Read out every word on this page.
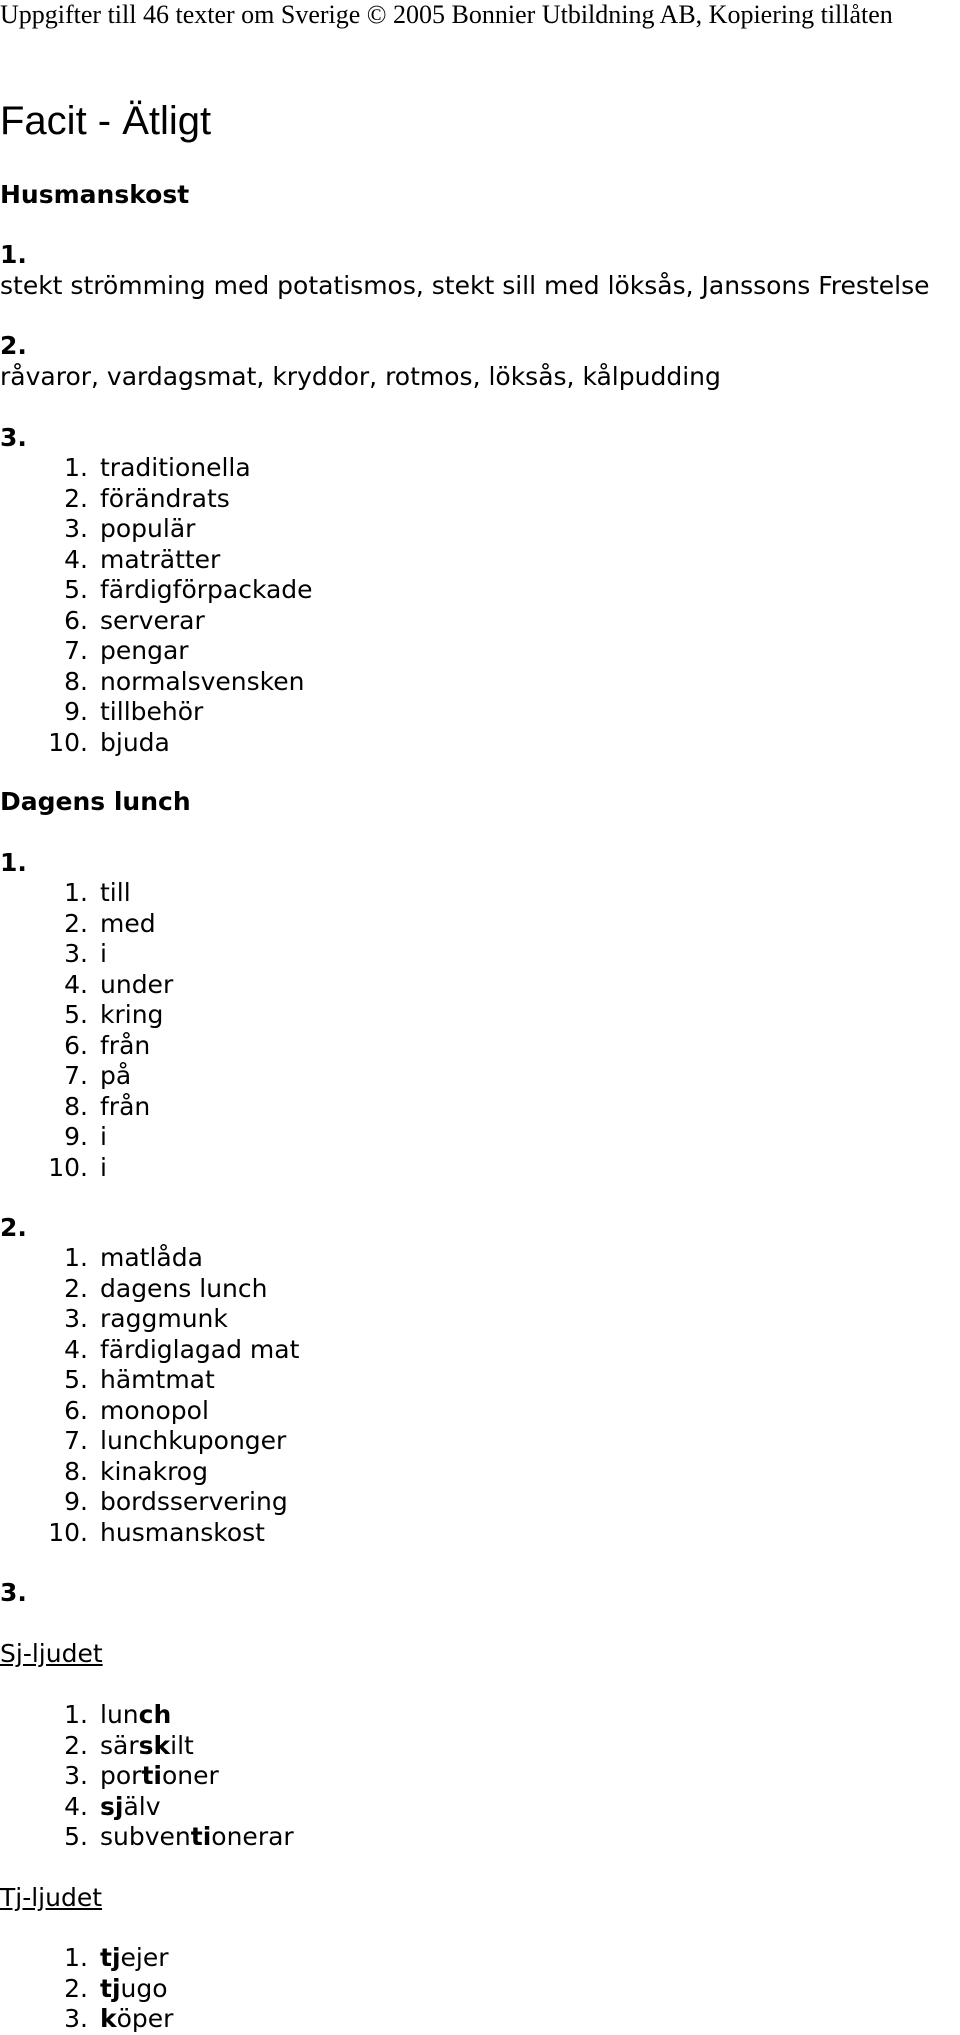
Uppgifter till 46 texter om Sverige © 2005 Bonnier Utbildning AB, Kopiering tillåten
Facit - Ätligt
Husmanskost
1.
stekt strömming med potatismos, stekt sill med löksås, Janssons Frestelse
2.
råvaror, vardagsmat, kryddor, rotmos, löksås, kålpudding
3.
1. traditionella
2. förändrats
3. populär
4. maträtter
5. färdigförpackade
6. serverar
7. pengar
8. normalsvensken
9. tillbehör
10. bjuda
Dagens lunch
1.
1. till
2. med
3. i
4. under
5. kring
6. från
7. på
8. från
9. i
10. i
2.
1. matlåda
2. dagens lunch
3. raggmunk
4. färdiglagad mat
5. hämtmat
6. monopol
7. lunchkuponger
8. kinakrog
9. bordsservering
10. husmanskost
3.
Sj-ljudet
1. lunch
2. särskilt
3. portioner
4. själv
5. subventionerar
Tj-ljudet
1. tjejer
2. tjugo
3. köper
